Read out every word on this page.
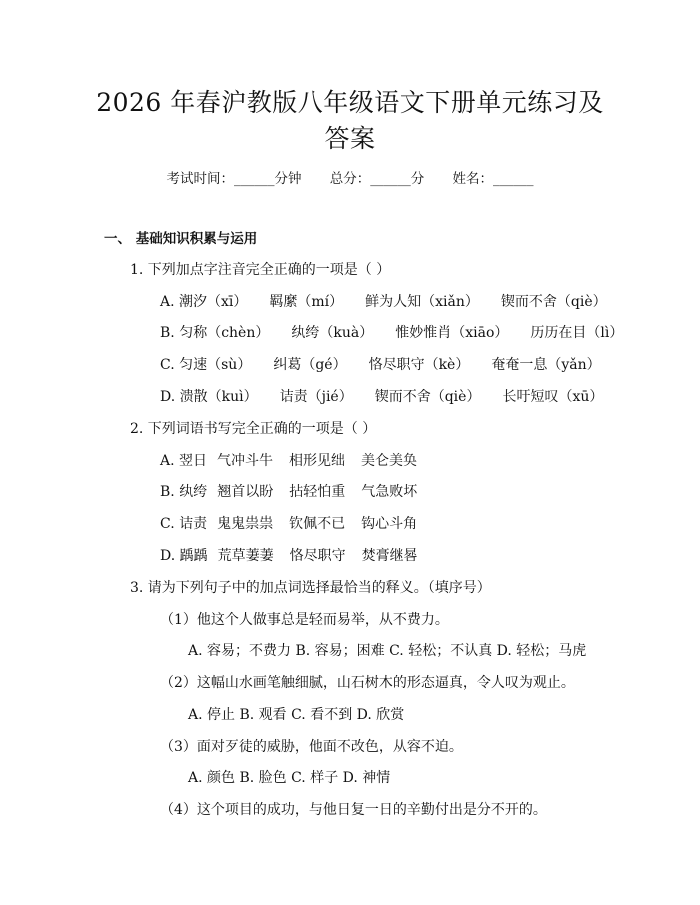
2026 年春沪教版八年级语文下册单元练习及
答案
考试时间：______分钟 总分：______分 姓名：______
一、 基础知识积累与运用
1. 下列加点字注音完全正确的一项是（ ）
A. 潮汐（xī） 羁縻（mí） 鲜为人知（xiǎn） 锲而不舍（qiè）
B. 匀称（chèn） 纨绔（kuà） 惟妙惟肖（xiāo） 历历在目（lì）
C. 匀速（sù） 纠葛（gé） 恪尽职守（kè） 奄奄一息（yǎn）
D. 溃散（kuì） 诘责（jié） 锲而不舍（qiè） 长吁短叹（xū）
2. 下列词语书写完全正确的一项是（ ）
A. 翌日 气冲斗牛 相形见绌 美仑美奂
B. 纨绔 翘首以盼 拈轻怕重 气急败坏
C. 诘责 鬼鬼祟祟 钦佩不已 钩心斗角
D. 踽踽 荒草萋萋 恪尽职守 焚膏继晷
3. 请为下列句子中的加点词选择最恰当的释义。（填序号）
（1）他这个人做事总是轻而易举，从不费力。
A. 容易；不费力 B. 容易；困难 C. 轻松；不认真 D. 轻松；马虎
（2）这幅山水画笔触细腻，山石树木的形态逼真，令人叹为观止。
A. 停止 B. 观看 C. 看不到 D. 欣赏
（3）面对歹徒的威胁，他面不改色，从容不迫。
A. 颜色 B. 脸色 C. 样子 D. 神情
（4）这个项目的成功，与他日复一日的辛勤付出是分不开的。
